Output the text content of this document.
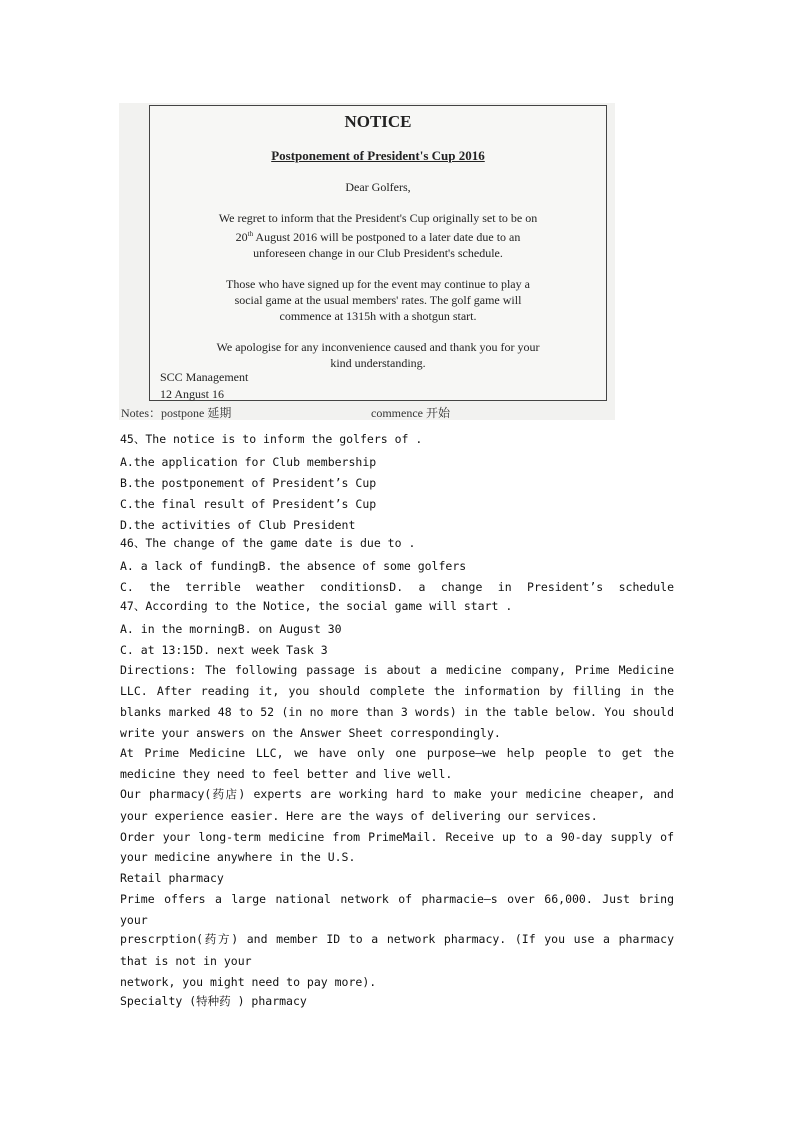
NOTICE
Postponement of President's Cup 2016
Dear Golfers,
We regret to inform that the President's Cup originally set to be on
20th August 2016 will be postponed to a later date due to an
unforeseen change in our Club President's schedule.
Those who have signed up for the event may continue to play a
social game at the usual members' rates. The golf game will
commence at 1315h with a shotgun start.
We apologise for any inconvenience caused and thank you for your
kind understanding.
SCC Management
12 Angust 16
Notes：postpone 延期	commence 开始
45、The notice is to inform the golfers of .
A.the application for Club membership
B.the postponement of President’s Cup
C.the final result of President’s Cup
D.the activities of Club President
46、The change of the game date is due to .
A. a lack of fundingB. the absence of some golfers
C. the terrible weather conditionsD. a change in President’s schedule
47、According to the Notice, the social game will start .
A. in the morningB. on August 30
C. at 13:15D. next week Task 3
Directions: The following passage is about a medicine company, Prime Medicine
LLC. After reading it, you should complete the information by filling in the
blanks marked 48 to 52 (in no more than 3 words) in the table below. You should
write your answers on the Answer Sheet correspondingly.
At Prime Medicine LLC, we have only one purpose—we help people to get the
medicine they need to feel better and live well.
Our pharmacy(药店) experts are working hard to make your medicine cheaper, and
your experience easier. Here are the ways of delivering our services.
Order your long-term medicine from PrimeMail. Receive up to a 90-day supply of
your medicine anywhere in the U.S.
Retail pharmacy
Prime offers a large national network of pharmacie—s over 66,000. Just bring
your
prescrption(药方) and member ID to a network pharmacy. (If you use a pharmacy
that is not in your
network, you might need to pay more).
Specialty (特种药 ) pharmacy
